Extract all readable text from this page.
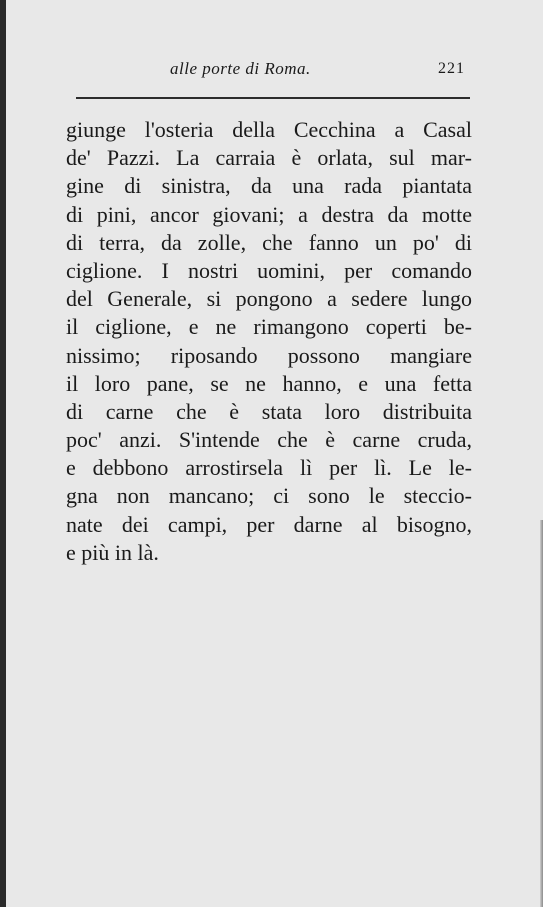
alle porte di Roma.	221
giunge l'osteria della Cecchina a Casal
de' Pazzi. La carraia è orlata, sul mar-
gine di sinistra, da una rada piantata
di pini, ancor giovani; a destra da motte
di terra, da zolle, che fanno un po' di
ciglione. I nostri uomini, per comando
del Generale, si pongono a sedere lungo
il ciglione, e ne rimangono coperti be-
nissimo; riposando possono mangiare
il loro pane, se ne hanno, e una fetta
di carne che è stata loro distribuita
poc' anzi. S'intende che è carne cruda,
e debbono arrostirsela lì per lì. Le le-
gna non mancano; ci sono le steccio-
nate dei campi, per darne al bisogno,
e più in là.
